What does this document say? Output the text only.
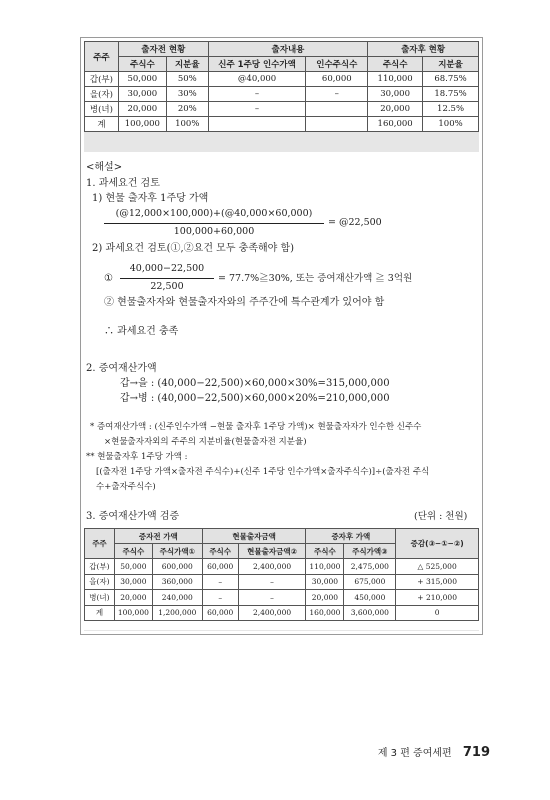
주주	출자전 현황		출자내용		출자후 현황	
	주식수	지분율	신주 1주당 인수가액	인수주식수	주식수	지분율
갑(부)	50,000	50%	@40,000	60,000	110,000	68.75%
을(자)	30,000	30%	–	–	30,000	18.75%
병(녀)	20,000	20%	–		20,000	12.5%
계	100,000	100%			160,000	100%
<해설>
1. 과세요건 검토
1) 현물 출자후 1주당 가액
(@12,000×100,000)+(@40,000×60,000)
100,000+60,000
= @22,500
2) 과세요건 검토(①,②요건 모두 충족해야 함)
①
40,000−22,500
22,500
= 77.7%≧30%, 또는 증여재산가액 ≧ 3억원
② 현물출자자와 현물출자자와의 주주간에 특수관계가 있어야 함
∴ 과세요건 충족
2. 증여재산가액
갑→을 : (40,000−22,500)×60,000×30%=315,000,000
갑→병 : (40,000−22,500)×60,000×20%=210,000,000
* 증여재산가액 : (신주인수가액 −현물 출자후 1주당 가액)× 현물출자자가 인수한 신주수
×현물출자자외의 주주의 지분비율(현물출자전 지분율)
** 현물출자후 1주당 가액 :
[(출자전 1주당 가액×출자전 주식수)+(신주 1주당 인수가액×출자주식수)]÷(출자전 주식
수+출자주식수)
3. 증여재산가액 검증	(단위 : 천원)
주주	증자전 가액		현물출자금액		증자후 가액		증감(③−①−②)
	주식수	주식가액①	주식수	현물출자금액②	주식수	주식가액③	
갑(부)	50,000	600,000	60,000	2,400,000	110,000	2,475,000	△ 525,000
을(자)	30,000	360,000	–	–	30,000	675,000	+ 315,000
병(녀)	20,000	240,000	–	–	20,000	450,000	+ 210,000
계	100,000	1,200,000	60,000	2,400,000	160,000	3,600,000	0
제 3 편 증여세편 719
